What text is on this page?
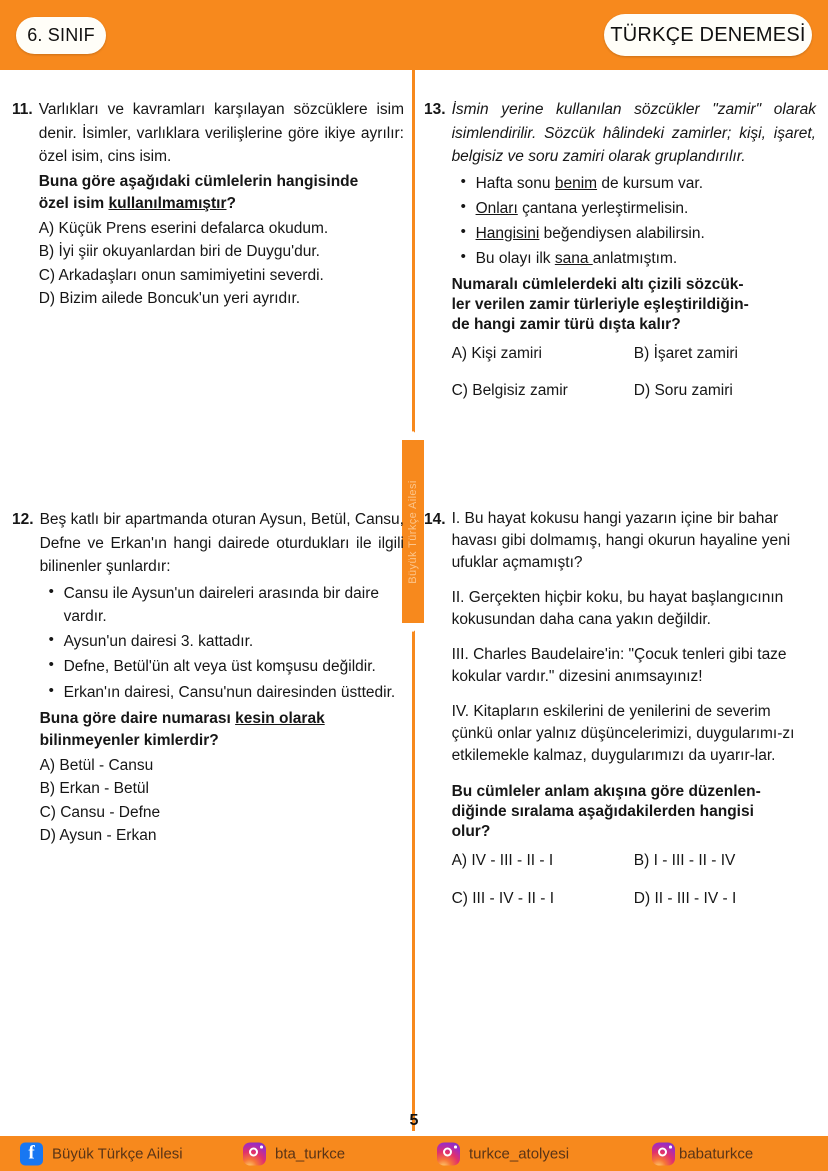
6. SINIF	TÜRKÇE DENEMESİ
Büyük Türkçe Ailesi
11. Varlıkları ve kavramları karşılayan sözcüklere isim denir. İsimler, varlıklara verilişlerine göre ikiye ayrılır: özel isim, cins isim.

Buna göre aşağıdaki cümlelerin hangisinde
özel isim kullanılmamıştır?
A) Küçük Prens eserini defalarca okudum.
B) İyi şiir okuyanlardan biri de Duygu'dur.
C) Arkadaşları onun samimiyetini severdi.
D) Bizim ailede Boncuk'un yeri ayrıdır.
13. İsmin yerine kullanılan sözcükler "zamir" olarak isimlendirilir. Sözcük hâlindeki zamirler; kişi, işaret, belgisiz ve soru zamiri olarak gruplandırılır.

• Hafta sonu benim de kursum var.
• Onları çantana yerleştirmelisin.
• Hangisini beğendiysen alabilirsin.
• Bu olayı ilk sana anlatmıştım.
Numaralı cümlelerdeki altı çizili sözcük-
ler verilen zamir türleriyle eşleştirildiğin-
de hangi zamir türü dışta kalır?
A) Kişi zamiri	B) İşaret zamiri
C) Belgisiz zamir	D) Soru zamiri
12. Beş katlı bir apartmanda oturan Aysun, Betül, Cansu, Defne ve Erkan'ın hangi dairede oturdukları ile ilgili bilinenler şunlardır:

• Cansu ile Aysun'un daireleri arasında bir daire vardır.
• Aysun'un dairesi 3. kattadır.
• Defne, Betül'ün alt veya üst komşusu değildir.
• Erkan'ın dairesi, Cansu'nun dairesinden üsttedir.
Buna göre daire numarası kesin olarak
bilinmeyenler kimlerdir?
A) Betül - Cansu
B) Erkan - Betül
C) Cansu - Defne
D) Aysun - Erkan
14. I. Bu hayat kokusu hangi yazarın içine bir bahar havası gibi dolmamış, hangi okurun hayaline yeni ufuklar açmamıştı?

II. Gerçekten hiçbir koku, bu hayat başlangıcının kokusundan daha cana yakın değildir.

III. Charles Baudelaire'in: "Çocuk tenleri gibi taze kokular vardır." dizesini anımsayınız!

IV. Kitapların eskilerini de yenilerini de severim çünkü onlar yalnız düşüncelerimizi, duygularımı-zı etkilemekle kalmaz, duygularımızı da uyarır-lar.

Bu cümleler anlam akışına göre düzenlen-
diğinde sıralama aşağıdakilerden hangisi
olur?
A) IV - III - II - I	B) I - III - II - IV
C) III - IV - II - I	D) II - III - IV - I
5
f	Büyük Türkçe Ailesi	bta_turkce	turkce_atolyesi	babaturkce
